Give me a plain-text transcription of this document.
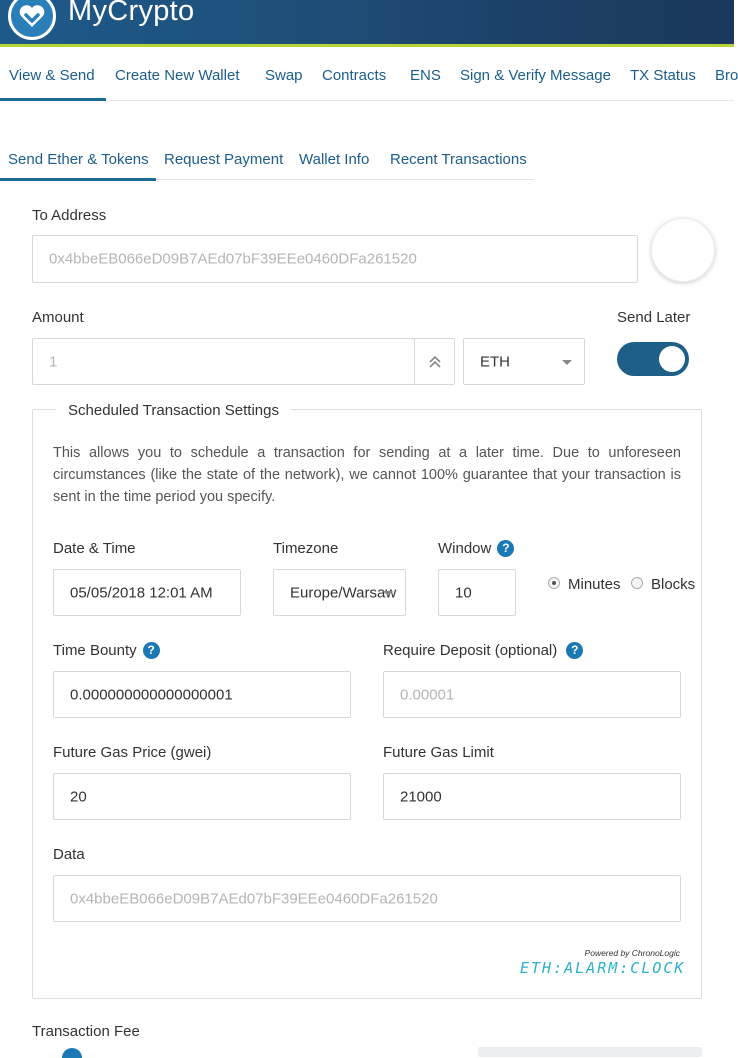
MyCrypto
View & Send Create New Wallet Swap Contracts ENS Sign & Verify Message TX Status Bro
Send Ether & Tokens Request Payment Wallet Info Recent Transactions
To Address
0x4bbeEB066eD09B7AEd07bF39EEe0460DFa261520
Amount
1	ETH
Send Later
Scheduled Transaction Settings
This allows you to schedule a transaction for sending at a later time. Due to unforeseen circumstances (like the state of the network), we cannot 100% guarantee that your transaction is sent in the time period you specify.
Date & Time
05/05/2018 12:01 AM
Timezone
Europe/Warsaw
Window ?
10	Minutes Blocks
Time Bounty ?
0.000000000000000001
Require Deposit (optional) ?
0.00001
Future Gas Price (gwei)
20
Future Gas Limit
21000
Data
0x4bbeEB066eD09B7AEd07bF39EEe0460DFa261520
Powered by ChronoLogic
ETH:ALARM:CLOCK
Transaction Fee
